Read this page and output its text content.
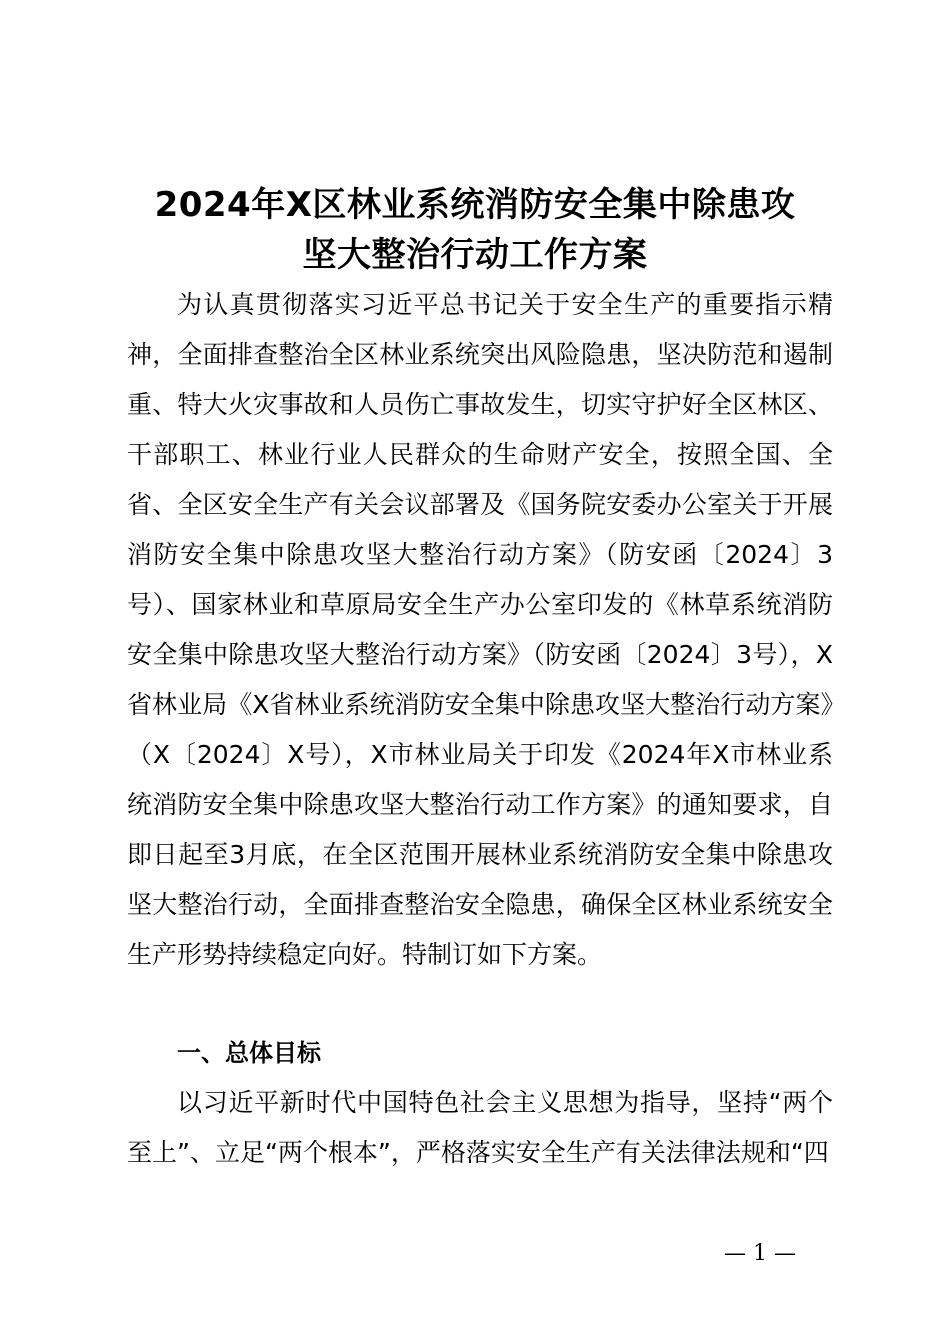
2024年X区林业系统消防安全集中除患攻
坚大整治行动工作方案

为认真贯彻落实习近平总书记关于安全生产的重要指示精神，全面排查整治全区林业系统突出风险隐患，坚决防范和遏制重、特大火灾事故和人员伤亡事故发生，切实守护好全区林区、干部职工、林业行业人民群众的生命财产安全，按照全国、全省、全区安全生产有关会议部署及《国务院安委办公室关于开展消防安全集中除患攻坚大整治行动方案》（防安函〔2024〕3号）、国家林业和草原局安全生产办公室印发的《林草系统消防安全集中除患攻坚大整治行动方案》（防安函〔2024〕3号），X省林业局《X省林业系统消防安全集中除患攻坚大整治行动方案》（X〔2024〕X号），X市林业局关于印发《2024年X市林业系统消防安全集中除患攻坚大整治行动工作方案》的通知要求，自即日起至3月底，在全区范围开展林业系统消防安全集中除患攻坚大整治行动，全面排查整治安全隐患，确保全区林业系统安全生产形势持续稳定向好。特制订如下方案。

一、总体目标

以习近平新时代中国特色社会主义思想为指导，坚持“两个至上”、立足“两个根本”，严格落实安全生产有关法律法规和“四

— 1 —
